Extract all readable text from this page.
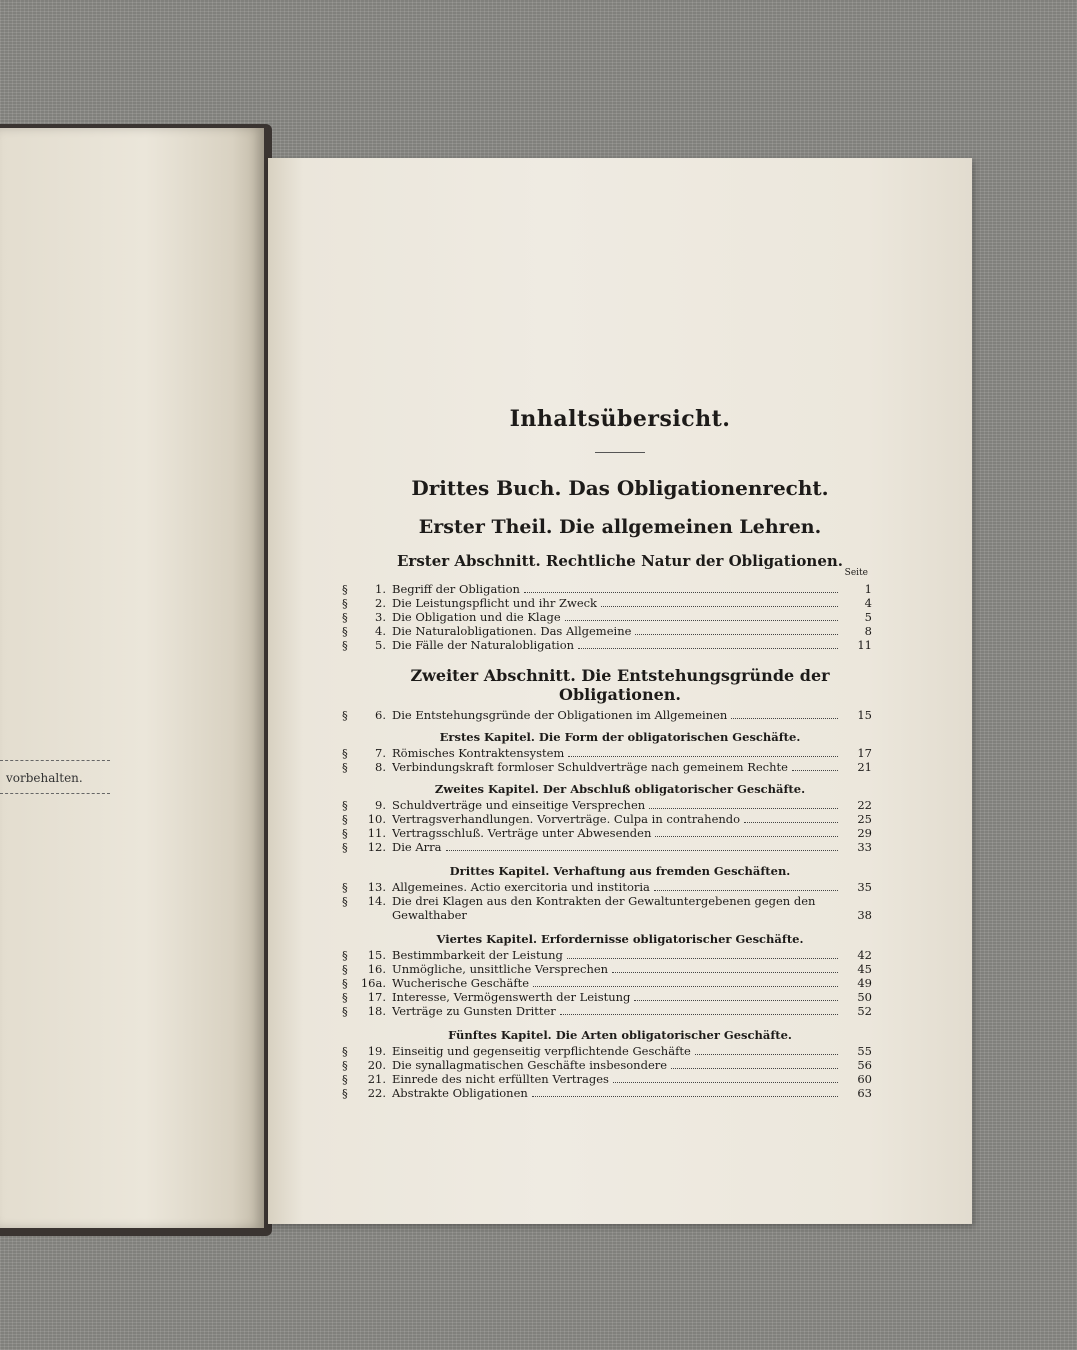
vorbehalten.
Inhaltsübersicht.
Drittes Buch. Das Obligationenrecht.
Erster Theil. Die allgemeinen Lehren.
Erster Abschnitt. Rechtliche Natur der Obligationen.
Seite
§	1. Begriff der Obligation	1
§	2. Die Leistungspflicht und ihr Zweck	4
§	3. Die Obligation und die Klage	5
§	4. Die Naturalobligationen. Das Allgemeine	8
§	5. Die Fälle der Naturalobligation	11
Zweiter Abschnitt. Die Entstehungsgründe der
Obligationen.
§	6. Die Entstehungsgründe der Obligationen im Allgemeinen	15
Erstes Kapitel. Die Form der obligatorischen Geschäfte.
§	7. Römisches Kontraktensystem	17
§	8. Verbindungskraft formloser Schuldverträge nach gemeinem Rechte	21
Zweites Kapitel. Der Abschluß obligatorischer Geschäfte.
§	9. Schuldverträge und einseitige Versprechen	22
§	10. Vertragsverhandlungen. Vorverträge. Culpa in contrahendo	25
§	11. Vertragsschluß. Verträge unter Abwesenden	29
§	12. Die Arra	33
Drittes Kapitel. Verhaftung aus fremden Geschäften.
§	13. Allgemeines. Actio exercitoria und institoria	35
§	14. Die drei Klagen aus den Kontrakten der Gewaltuntergebenen gegen den
Gewalthaber	38
Viertes Kapitel. Erfordernisse obligatorischer Geschäfte.
§	15. Bestimmbarkeit der Leistung	42
§	16. Unmögliche, unsittliche Versprechen	45
§	16a. Wucherische Geschäfte	49
§	17. Interesse, Vermögenswerth der Leistung	50
§	18. Verträge zu Gunsten Dritter	52
Fünftes Kapitel. Die Arten obligatorischer Geschäfte.
§	19. Einseitig und gegenseitig verpflichtende Geschäfte	55
§	20. Die synallagmatischen Geschäfte insbesondere	56
§	21. Einrede des nicht erfüllten Vertrages	60
§	22. Abstrakte Obligationen	63
